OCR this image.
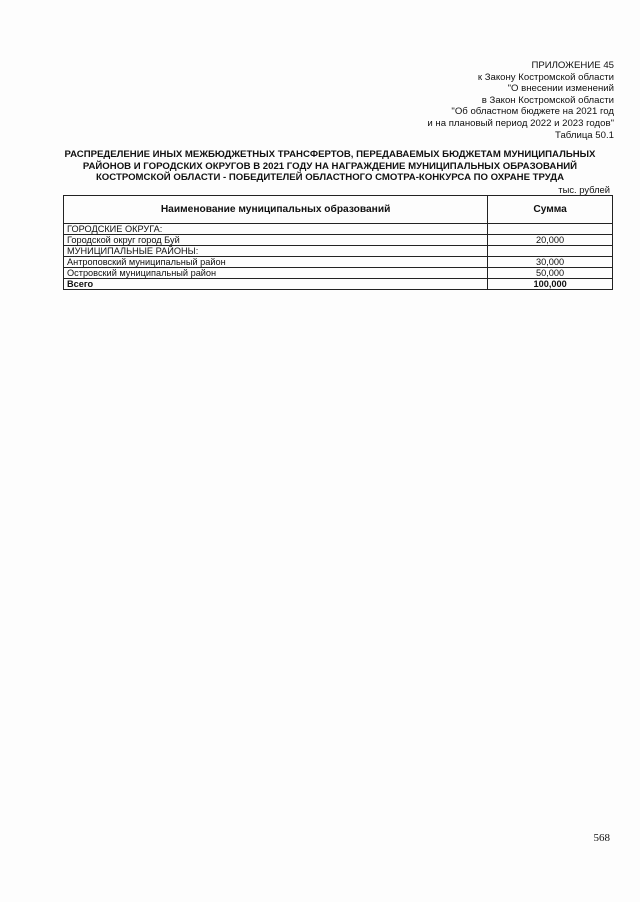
ПРИЛОЖЕНИЕ 45
к Закону Костромской области
"О внесении изменений
в Закон Костромской области
"Об областном бюджете на 2021 год
и на плановый период 2022 и 2023 годов"
Таблица 50.1
РАСПРЕДЕЛЕНИЕ ИНЫХ МЕЖБЮДЖЕТНЫХ ТРАНСФЕРТОВ, ПЕРЕДАВАЕМЫХ БЮДЖЕТАМ МУНИЦИПАЛЬНЫХ
РАЙОНОВ И ГОРОДСКИХ ОКРУГОВ В 2021 ГОДУ НА НАГРАЖДЕНИЕ МУНИЦИПАЛЬНЫХ ОБРАЗОВАНИЙ
КОСТРОМСКОЙ ОБЛАСТИ - ПОБЕДИТЕЛЕЙ ОБЛАСТНОГО СМОТРА-КОНКУРСА ПО ОХРАНЕ ТРУДА
тыс. рублей
Наименование муниципальных образований	Сумма
ГОРОДСКИЕ ОКРУГА:	
Городской округ город Буй	20,000
МУНИЦИПАЛЬНЫЕ РАЙОНЫ:	
Антроповский муниципальный район	30,000
Островский муниципальный район	50,000
Всего	100,000
568
